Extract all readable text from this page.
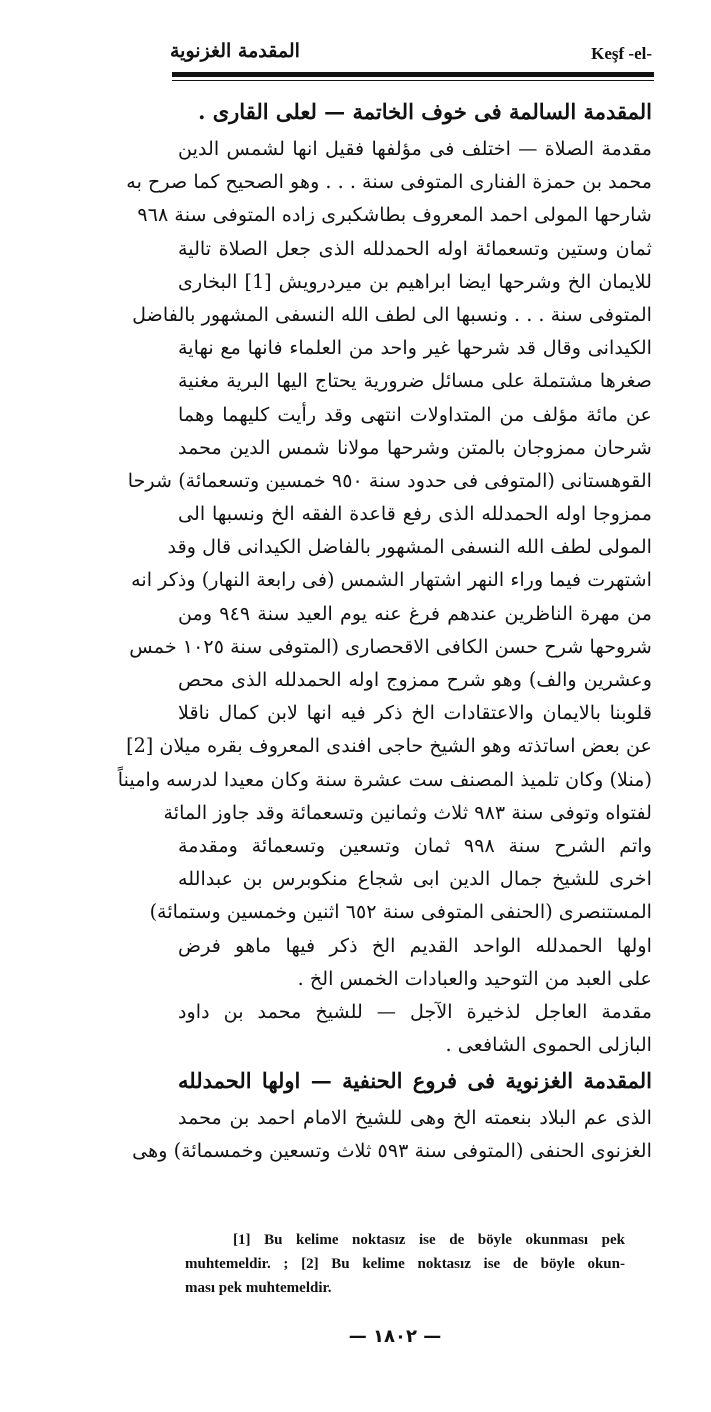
المقدمة الغزنوية	Keşf -el-
المقدمة السالمة فى خوف الخاتمة — لعلى القارى .
مقدمة الصلاة — اختلف فى مؤلفها فقيل انها لشمس الدين
محمد بن حمزة الفنارى المتوفى سنة . . . وهو الصحيح كما صرح به
شارحها المولى احمد المعروف بطاشكبرى زاده المتوفى سنة ٩٦٨
ثمان وستين وتسعمائة اوله الحمدلله الذى جعل الصلاة تالية
للايمان الخ وشرحها ايضا ابراهيم بن ميردرويش [1] البخارى
المتوفى سنة . . . ونسبها الى لطف الله النسفى المشهور بالفاضل
الكيدانى وقال قد شرحها غير واحد من العلماء فانها مع نهاية
صغرها مشتملة على مسائل ضرورية يحتاج اليها البرية مغنية
عن مائة مؤلف من المتداولات انتهى وقد رأيت كليهما وهما
شرحان ممزوجان بالمتن وشرحها مولانا شمس الدين محمد
القوهستانى (المتوفى فى حدود سنة ٩٥٠ خمسين وتسعمائة) شرحا
ممزوجا اوله الحمدلله الذى رفع قاعدة الفقه الخ ونسبها الى
المولى لطف الله النسفى المشهور بالفاضل الكيدانى قال وقد
اشتهرت فيما وراء النهر اشتهار الشمس (فى رابعة النهار) وذكر انه
من مهرة الناظرين عندهم فرغ عنه يوم العيد سنة ٩٤٩ ومن
شروحها شرح حسن الكافى الاقحصارى (المتوفى سنة ١٠٢٥ خمس
وعشرين والف) وهو شرح ممزوج اوله الحمدلله الذى محص
قلوبنا بالايمان والاعتقادات الخ ذكر فيه انها لابن كمال ناقلا
عن بعض اساتذته وهو الشيخ حاجى افندى المعروف بقره ميلان [2]
(منلا) وكان تلميذ المصنف ست عشرة سنة وكان معيدا لدرسه واميناً
لفتواه وتوفى سنة ٩٨٣ ثلاث وثمانين وتسعمائة وقد جاوز المائة
واتم الشرح سنة ٩٩٨ ثمان وتسعين وتسعمائة ومقدمة
اخرى للشيخ جمال الدين ابى شجاع منكوبرس بن عبدالله
المستنصرى (الحنفى المتوفى سنة ٦٥٢ اثنين وخمسين وستمائة)
اولها الحمدلله الواحد القديم الخ ذكر فيها ماهو فرض
على العبد من التوحيد والعبادات الخمس الخ .
مقدمة العاجل لذخيرة الآجل — للشيخ محمد بن داود
البازلى الحموى الشافعى .
المقدمة الغزنوية فى فروع الحنفية — اولها الحمدلله
الذى عم البلاد بنعمته الخ وهى للشيخ الامام احمد بن محمد
الغزنوى الحنفى (المتوفى سنة ٥٩٣ ثلاث وتسعين وخمسمائة) وهى
[1] Bu kelime noktasız ise de böyle okunması pek
muhtemeldir. ; [2] Bu kelime noktasız ise de böyle okun-
ması pek muhtemeldir.
— ١٨٠٢ —
